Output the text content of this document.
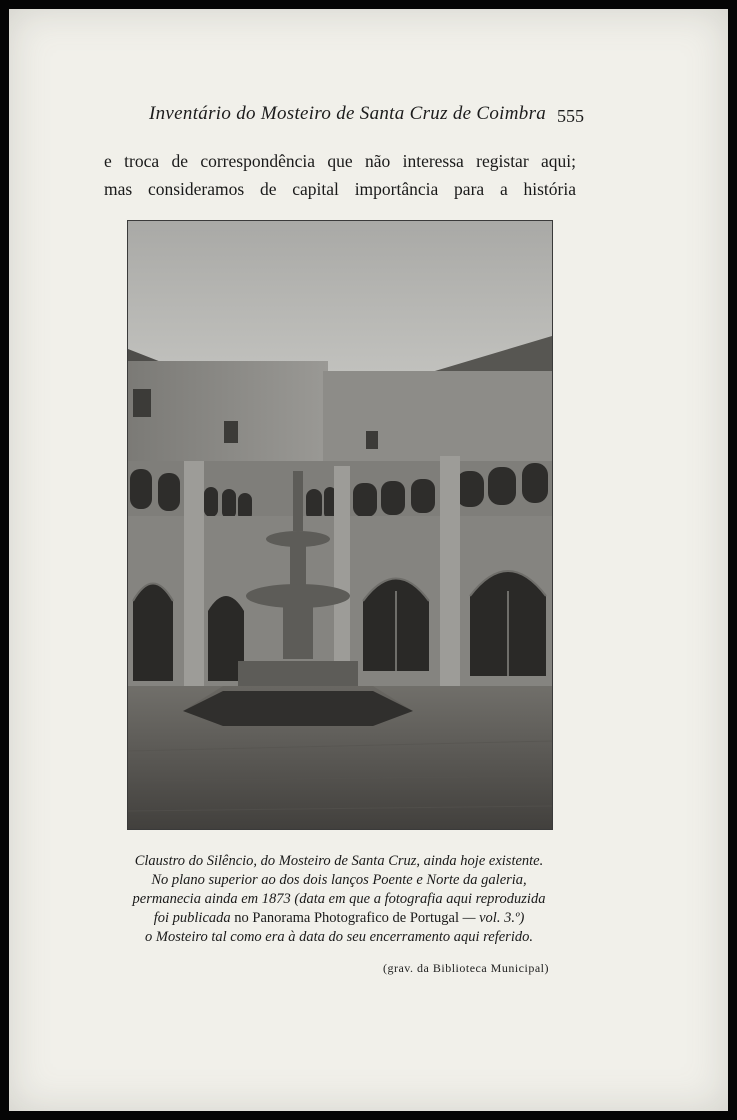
Inventário do Mosteiro de Santa Cruz de Coimbra 555
e troca de correspondência que não interessa registar aqui;
mas consideramos de capital importância para a história
Claustro do Silêncio, do Mosteiro de Santa Cruz, ainda hoje existente.
No plano superior ao dos dois lanços Poente e Norte da galeria,
permanecia ainda em 1873 (data em que a fotografia aqui reproduzida
foi publicada no Panorama Photografico de Portugal — vol. 3.º)
o Mosteiro tal como era à data do seu encerramento aqui referido.
(grav. da Biblioteca Municipal)
